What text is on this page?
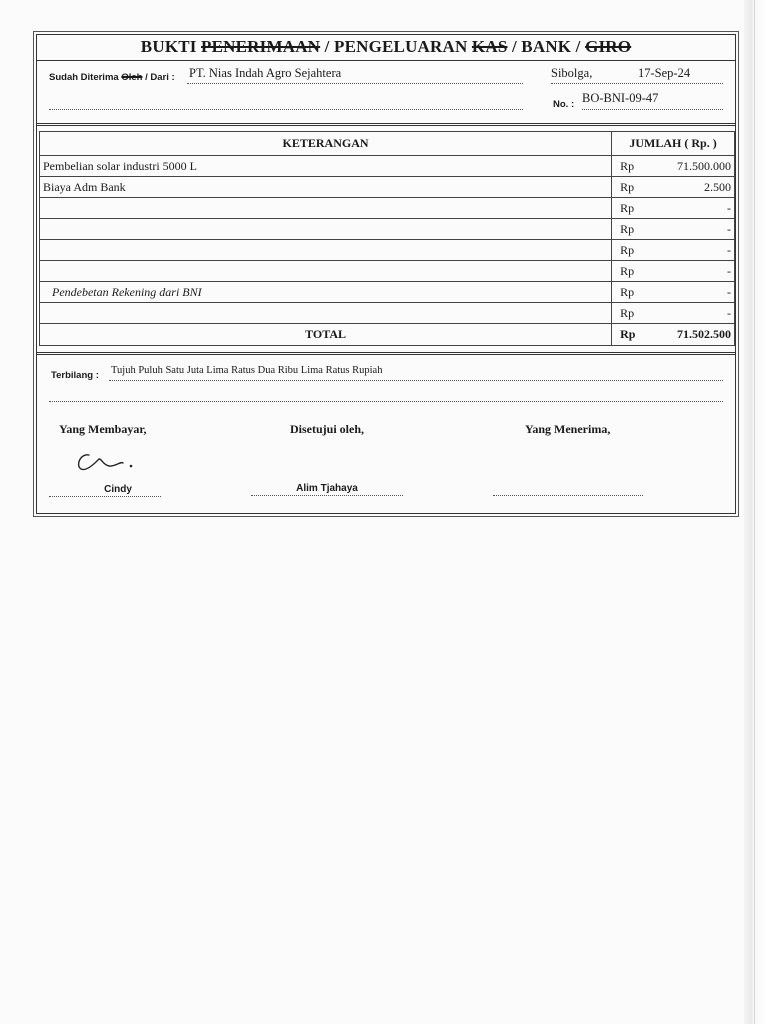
BUKTI PENERIMAAN / PENGELUARAN KAS / BANK / GIRO
Sudah Diterima Oleh / Dari : PT. Nias Indah Agro Sejahtera	Sibolga,	17-Sep-24
No. : BO-BNI-09-47
KETERANGAN	JUMLAH ( Rp. )	
Pembelian solar industri 5000 L	Rp	71.500.000
Biaya Adm Bank	Rp	2.500
	Rp	-
	Rp	-
	Rp	-
	Rp	-
Pendebetan Rekening dari BNI	Rp	-
	Rp	-
TOTAL	Rp	71.502.500
Terbilang : Tujuh Puluh Satu Juta Lima Ratus Dua Ribu Lima Ratus Rupiah
Yang Membayar,	Disetujui oleh,	Yang Menerima,
Cindy	Alim Tjahaya
